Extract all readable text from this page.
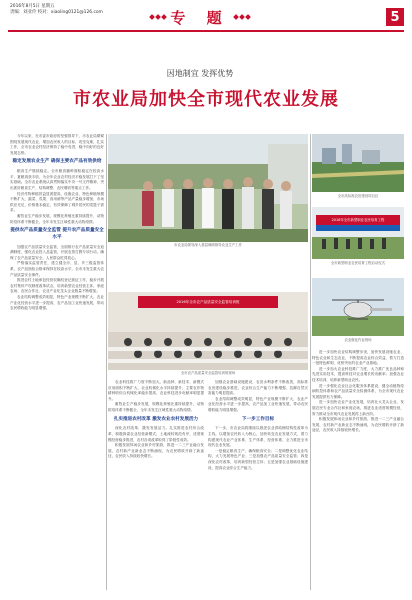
2016年8月5日 星期五
责编：刘亚伶 校对：xiaoling0121@126.com	专 题	5
因地制宜 发挥优势
市农业局加快全市现代农业发展
市农业局领导深入基层调研指导农业生产工作
全市高标准农田建设项目区
2016年全市新型职业农民培育工程
全市新型职业农民培育工程启动仪式
农业航化作业现场
2016年全市农产品质量安全监管培训班
全市农产品质量安全监管培训班现场

今年以来，在市委市政府的坚强领导下，市农业局紧紧围绕发展现代农业、增加农民收入的目标，攻坚克难，扎实工作，全市农业农村经济保持了稳中有进、稳中向好的良好发展态势。

稳定发展农业生产 确保主要农产品有效供给

粮食生产继续稳定。全市粮食播种面积稳定在较高水平，夏粮再获丰收，为全年农业农村经济平稳发展打下了坚实基础。全市农业系统认真贯彻落实中央一号文件精神，突出抓好粮食生产、结构调整、农民增收等重点工作。

经济作物种植效益显著提高，设施农业、特色种植规模不断扩大，蔬菜、瓜果、食用菌等产品产量稳步增加，市场供应充足，价格基本稳定，有效保障了城乡居民的菜篮子需求。

畜牧业生产稳步发展，规模化养殖比重持续提升，动物防疫体系不断健全，全年未发生区域性重大动物疫情。

提供农产品质量安全监管 提升农产品质量安全水平

加强农产品质量安全监管，全面推行农产品质量安全追溯制度，强化农业投入品监管，开展农资打假专项行动，确保了农产品质量安全，人民群众吃得放心。

严格落实监管责任，建立健全市、县、乡三级监管体系，农产品抽检合格率保持在较高水平，全市未发生重大农产品质量安全事件。

推进农村土地承包经营权确权登记颁证工作，稳步开展农村集体产权制度改革试点，培育新型农业经营主体，家庭农场、农民合作社、农业产业化龙头企业数量不断增加。

农业结构调整成效明显，特色产业规模不断扩大，农业产业化经营水平进一步提高，农产品加工业快速发展，带动农民增收能力明显增强。

农业科技推广力度不断加大，新品种、新技术、新模式应用面积不断扩大，农业机械化水平持续提升，主要农作物耕种收综合机械化率稳步提高，农业科技进步贡献率明显提升。

畜牧业生产稳步发展，规模化养殖比重持续提升，动物防疫体系不断健全，全年未发生区域性重大动物疫情。

扎实推进农村改革 激发农业农村发展活力

深化农村改革，激发发展活力。扎实推进农村综合改革，积极探索农业经营新模式，土地流转规范有序，适度规模经营稳步推进，农村各项改革取得了阶段性成效。

积极发展休闲农业和乡村旅游，推进一二三产业融合发展，农村新产业新业态不断涌现，为农民增收开辟了新途径，农民收入持续较快增长。

加强农业基础设施建设，农田水利条件不断改善，高标准农田建设稳步推进，农业综合生产能力不断增强，抗御自然灾害能力明显提高。

农业结构调整成效明显，特色产业规模不断扩大，农业产业化经营水平进一步提高，农产品加工业快速发展，带动农民增收能力明显增强。

下一步工作目标

下一步，市农业局将继续以推进农业供给侧结构性改革为主线，以增加农民收入为核心，加快转变农业发展方式，着力构建现代农业产业体系、生产体系、经营体系，全力推进全市现代农业发展。

一是稳定粮食生产，确保粮食安全；二是调整优化农业结构，大力发展特色产业；三是加强农产品质量安全监管；四是深化农村改革，培育新型经营主体；五是加强农业基础设施建设，提高农业综合生产能力。

进一步加快农业结构调整步伐，加快发展设施农业、特色农业和生态农业，不断提高农业综合效益，着力打造一批特色鲜明、优势突出的农业产业基地。

进一步加大农业科技推广力度，大力推广优良品种和先进实用技术，提高科技对农业增长的贡献率；加强农业技术培训，培养新型职业农民。

进一步强化农业社会化服务体系建设，健全动植物疫病防控体系和农产品质量安全检测体系，为全市现代农业发展提供有力保障。

进一步加快农业产业化发展，培育壮大龙头企业，发展农民专业合作社和家庭农场，推进农业适度规模经营，努力推动全市现代农业发展再上新台阶。

积极发展休闲农业和乡村旅游，推进一二三产业融合发展，农村新产业新业态不断涌现，为农民增收开辟了新途径，农民收入持续较快增长。
